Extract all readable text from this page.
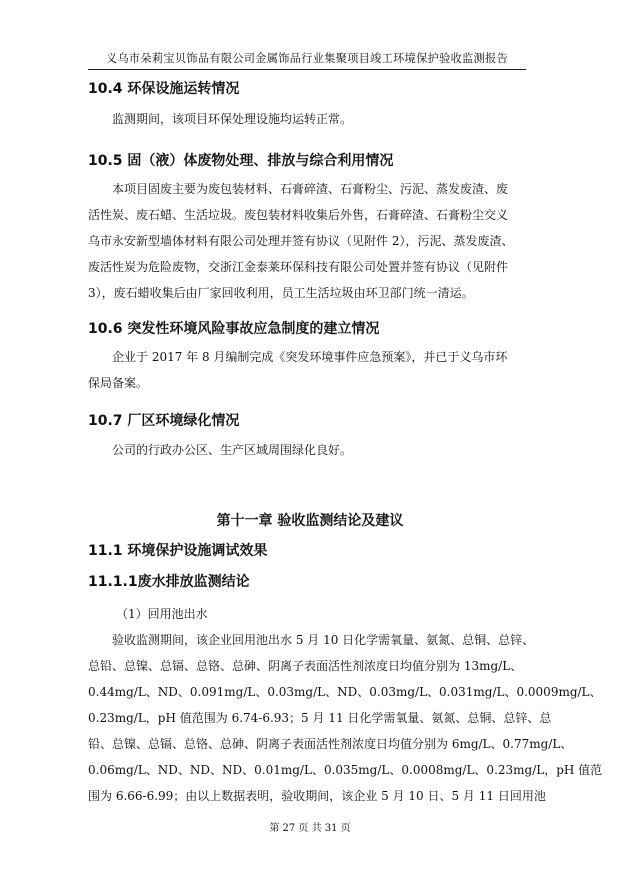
义乌市朵莉宝贝饰品有限公司金属饰品行业集聚项目竣工环境保护验收监测报告
10.4 环保设施运转情况
监测期间，该项目环保处理设施均运转正常。
10.5 固（液）体废物处理、排放与综合利用情况
本项目固废主要为废包装材料、石膏碎渣、石膏粉尘、污泥、蒸发废渣、废
活性炭、废石蜡、生活垃圾。废包装材料收集后外售，石膏碎渣、石膏粉尘交义
乌市永安新型墙体材料有限公司处理并签有协议（见附件 2），污泥、蒸发废渣、
废活性炭为危险废物，交浙江金泰莱环保科技有限公司处置并签有协议（见附件
3），废石蜡收集后由厂家回收利用，员工生活垃圾由环卫部门统一清运。
10.6 突发性环境风险事故应急制度的建立情况
企业于 2017 年 8 月编制完成《突发环境事件应急预案》，并已于义乌市环
保局备案。
10.7 厂区环境绿化情况
公司的行政办公区、生产区域周围绿化良好。
第十一章 验收监测结论及建议
11.1 环境保护设施调试效果
11.1.1废水排放监测结论
（1）回用池出水
验收监测期间，该企业回用池出水 5 月 10 日化学需氧量、氨氮、总铜、总锌、
总铅、总镍、总镉、总铬、总砷、阴离子表面活性剂浓度日均值分别为 13mg/L、
0.44mg/L、ND、0.091mg/L、0.03mg/L、ND、0.03mg/L、0.031mg/L、0.0009mg/L、
0.23mg/L，pH 值范围为 6.74-6.93；5 月 11 日化学需氧量、氨氮、总铜、总锌、总
铅、总镍、总镉、总铬、总砷、阴离子表面活性剂浓度日均值分别为 6mg/L、0.77mg/L、
0.06mg/L、ND、ND、ND、0.01mg/L、0.035mg/L、0.0008mg/L、0.23mg/L，pH 值范
围为 6.66-6.99；由以上数据表明，验收期间，该企业 5 月 10 日、5 月 11 日回用池
第 27 页 共 31 页
